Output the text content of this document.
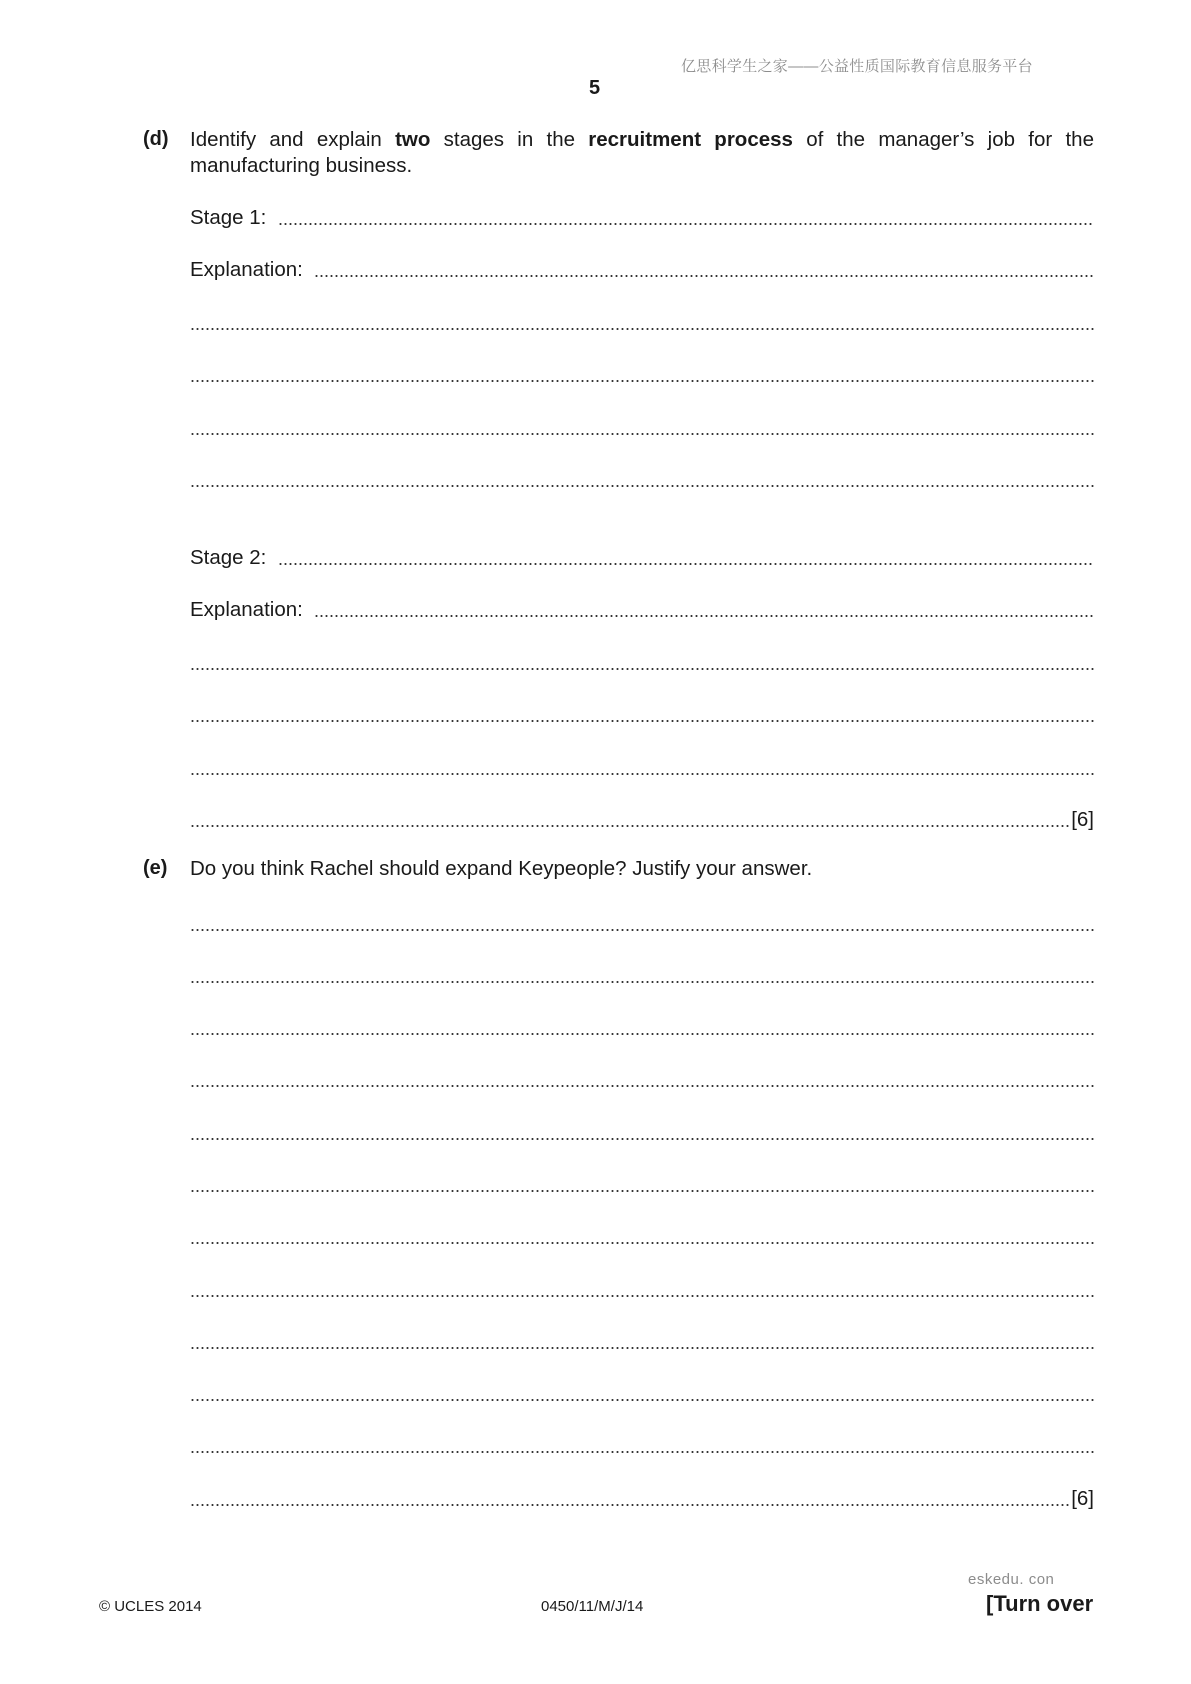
亿思科学生之家——公益性质国际教育信息服务平台
5
(d) Identify and explain two stages in the recruitment process of the manager’s job for the manufacturing business.
Stage 1:

Explanation:

Stage 2:

Explanation:

[6]
(e) Do you think Rachel should expand Keypeople? Justify your answer.
[6]
eskedu. con
© UCLES 2014	0450/11/M/J/14	[Turn over
